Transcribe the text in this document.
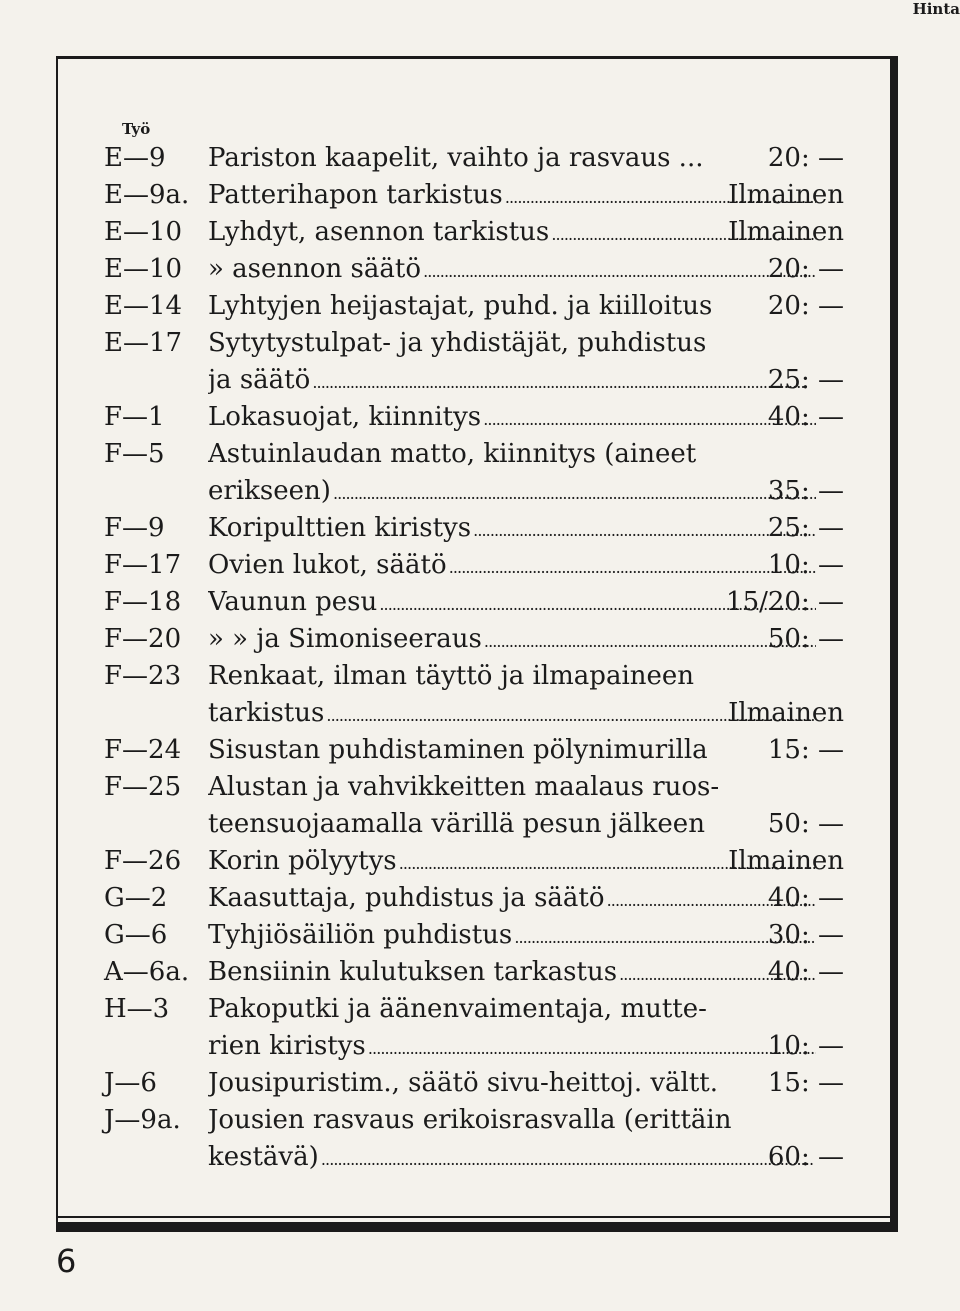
Työ
Hinta
E—9 Pariston kaapelit, vaihto ja rasvaus ...	20: —
E—9a. Patterihapon tarkistus . . .	Ilmainen
E—10 Lyhdyt, asennon tarkistus . . .	Ilmainen
E—10 » asennon säätö . . .	20: —
E—14 Lyhtyjen heijastajat, puhd. ja kiilloitus	20: —
E—17 Sytytystulpat- ja yhdistäjät, puhdistus
ja säätö . . .	25: —
F—1 Lokasuojat, kiinnitys . . .	40: —
F—5 Astuinlaudan matto, kiinnitys (aineet
erikseen) . . .	35: —
F—9 Koripulttien kiristys . . .	25: —
F—17 Ovien lukot, säätö . . .	10: —
F—18 Vaunun pesu . . .	15/20: —
F—20 » » ja Simoniseeraus . . .	50: —
F—23 Renkaat, ilman täyttö ja ilmapaineen
tarkistus . . .	Ilmainen
F—24 Sisustan puhdistaminen pölynimurilla	15: —
F—25 Alustan ja vahvikkeitten maalaus ruos-
teensuojaamalla värillä pesun jälkeen	50: —
F—26 Korin pölyytys . . .	Ilmainen
G—2 Kaasuttaja, puhdistus ja säätö . . .	40: —
G—6 Tyhjiösäiliön puhdistus . . .	30: —
A—6a. Bensiinin kulutuksen tarkastus . . .	40: —
H—3 Pakoputki ja äänenvaimentaja, mutte-
rien kiristys . . .	10: —
J—6 Jousipuristim., säätö sivu-heittoj. vältt.	15: —
J—9a. Jousien rasvaus erikoisrasvalla (erittäin
kestävä) . . .	60: —
6
